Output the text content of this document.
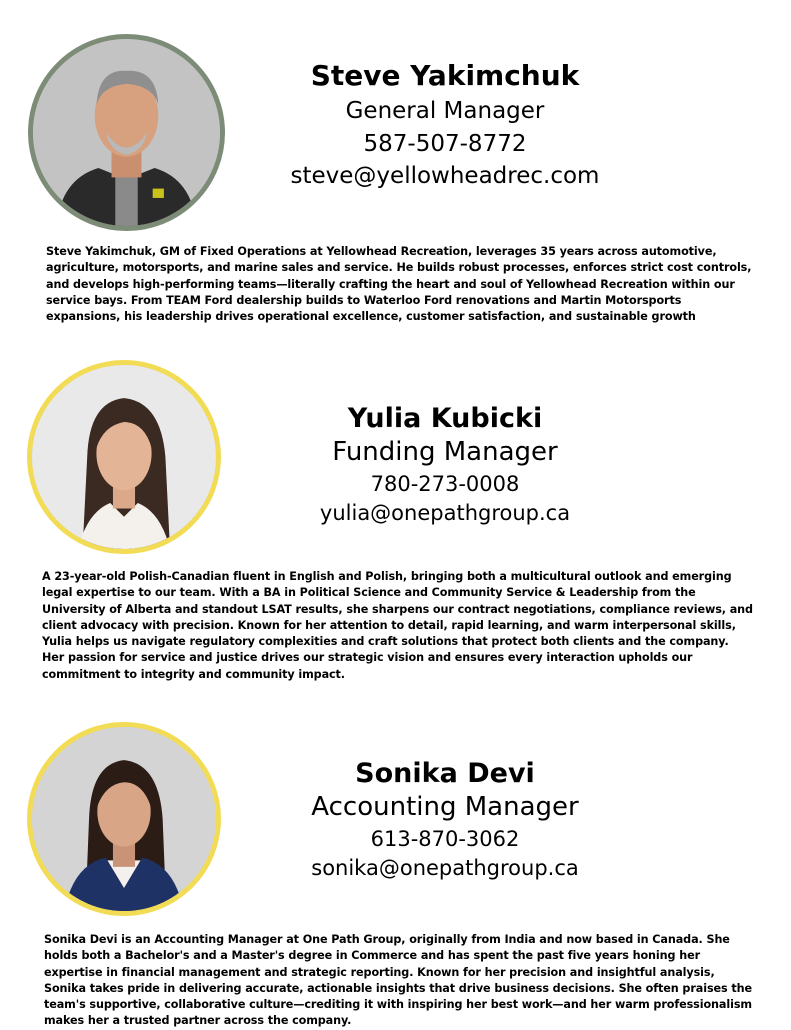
Steve Yakimchuk
General Manager
587-507-8772
steve@yellowheadrec.com

Steve Yakimchuk, GM of Fixed Operations at Yellowhead Recreation, leverages 35 years across automotive, agriculture, motorsports, and marine sales and service. He builds robust processes, enforces strict cost controls, and develops high-performing teams—literally crafting the heart and soul of Yellowhead Recreation within our service bays. From TEAM Ford dealership builds to Waterloo Ford renovations and Martin Motorsports expansions, his leadership drives operational excellence, customer satisfaction, and sustainable growth

Yulia Kubicki
Funding Manager
780-273-0008
yulia@onepathgroup.ca

A 23-year-old Polish-Canadian fluent in English and Polish, bringing both a multicultural outlook and emerging legal expertise to our team. With a BA in Political Science and Community Service & Leadership from the University of Alberta and standout LSAT results, she sharpens our contract negotiations, compliance reviews, and client advocacy with precision. Known for her attention to detail, rapid learning, and warm interpersonal skills, Yulia helps us navigate regulatory complexities and craft solutions that protect both clients and the company. Her passion for service and justice drives our strategic vision and ensures every interaction upholds our commitment to integrity and community impact.

Sonika Devi
Accounting Manager
613-870-3062
sonika@onepathgroup.ca

Sonika Devi is an Accounting Manager at One Path Group, originally from India and now based in Canada. She holds both a Bachelor's and a Master's degree in Commerce and has spent the past five years honing her expertise in financial management and strategic reporting. Known for her precision and insightful analysis, Sonika takes pride in delivering accurate, actionable insights that drive business decisions. She often praises the team's supportive, collaborative culture—crediting it with inspiring her best work—and her warm professionalism makes her a trusted partner across the company.
